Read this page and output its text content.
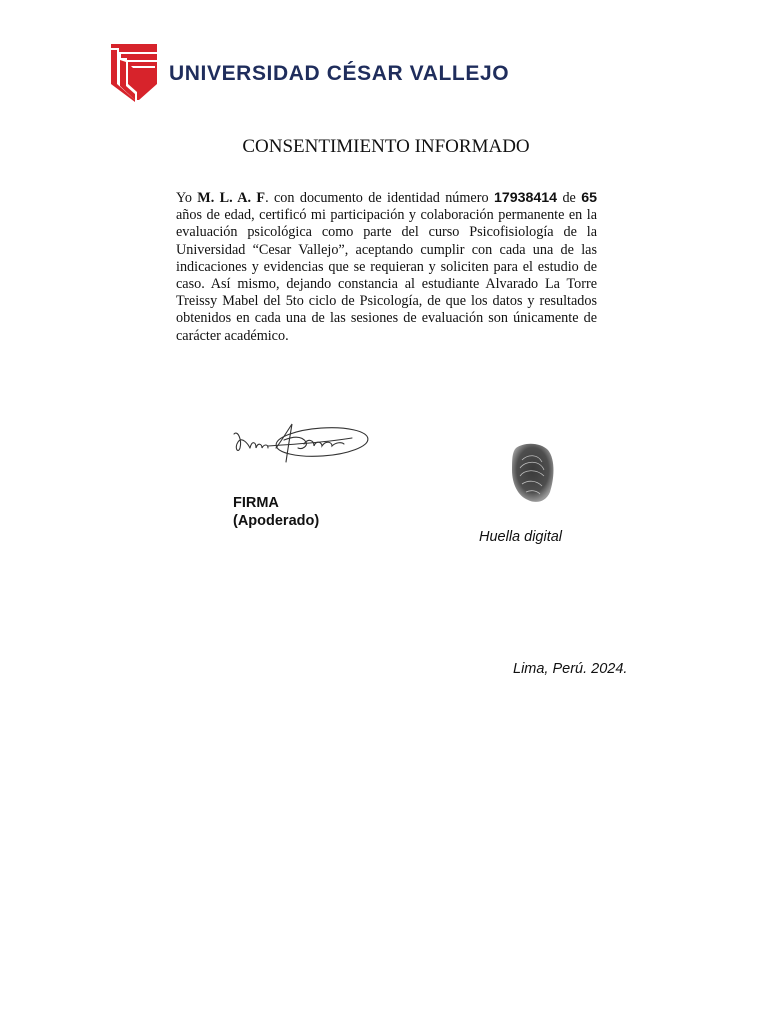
UNIVERSIDAD CÉSAR VALLEJO
CONSENTIMIENTO INFORMADO
Yo M. L. A. F. con documento de identidad número 17938414 de 65 años de edad, certificó mi participación y colaboración permanente en la evaluación psicológica como parte del curso Psicofisiología de la Universidad “Cesar Vallejo”, aceptando cumplir con cada una de las indicaciones y evidencias que se requieran y soliciten para el estudio de caso. Así mismo, dejando constancia al estudiante Alvarado La Torre Treissy Mabel del 5to ciclo de Psicología, de que los datos y resultados obtenidos en cada una de las sesiones de evaluación son únicamente de carácter académico.
FIRMA
(Apoderado)
Huella digital
Lima, Perú. 2024.
